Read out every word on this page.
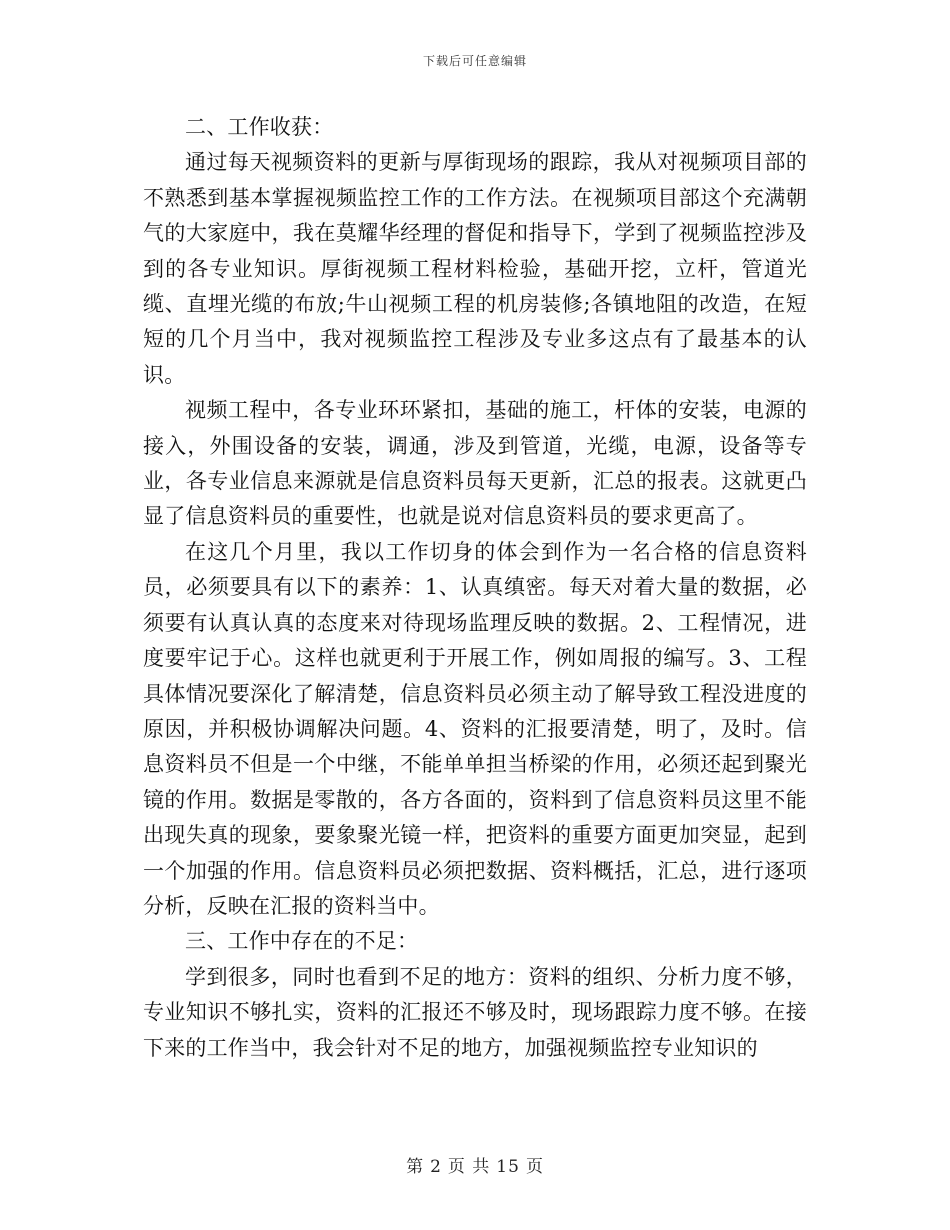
下载后可任意编辑

二、工作收获：

通过每天视频资料的更新与厚街现场的跟踪，我从对视频项目部的不熟悉到基本掌握视频监控工作的工作方法。在视频项目部这个充满朝气的大家庭中，我在莫耀华经理的督促和指导下，学到了视频监控涉及到的各专业知识。厚街视频工程材料检验，基础开挖，立杆，管道光缆、直埋光缆的布放;牛山视频工程的机房装修;各镇地阻的改造，在短短的几个月当中，我对视频监控工程涉及专业多这点有了最基本的认识。

视频工程中，各专业环环紧扣，基础的施工，杆体的安装，电源的接入，外围设备的安装，调通，涉及到管道，光缆，电源，设备等专业，各专业信息来源就是信息资料员每天更新，汇总的报表。这就更凸显了信息资料员的重要性，也就是说对信息资料员的要求更高了。

在这几个月里，我以工作切身的体会到作为一名合格的信息资料员，必须要具有以下的素养：1、认真缜密。每天对着大量的数据，必须要有认真认真的态度来对待现场监理反映的数据。2、工程情况，进度要牢记于心。这样也就更利于开展工作，例如周报的编写。3、工程具体情况要深化了解清楚，信息资料员必须主动了解导致工程没进度的原因，并积极协调解决问题。4、资料的汇报要清楚，明了，及时。信息资料员不但是一个中继，不能单单担当桥梁的作用，必须还起到聚光镜的作用。数据是零散的，各方各面的，资料到了信息资料员这里不能出现失真的现象，要象聚光镜一样，把资料的重要方面更加突显，起到一个加强的作用。信息资料员必须把数据、资料概括，汇总，进行逐项分析，反映在汇报的资料当中。

三、工作中存在的不足：

学到很多，同时也看到不足的地方：资料的组织、分析力度不够，专业知识不够扎实，资料的汇报还不够及时，现场跟踪力度不够。在接下来的工作当中，我会针对不足的地方，加强视频监控专业知识的

第 2 页 共 15 页
